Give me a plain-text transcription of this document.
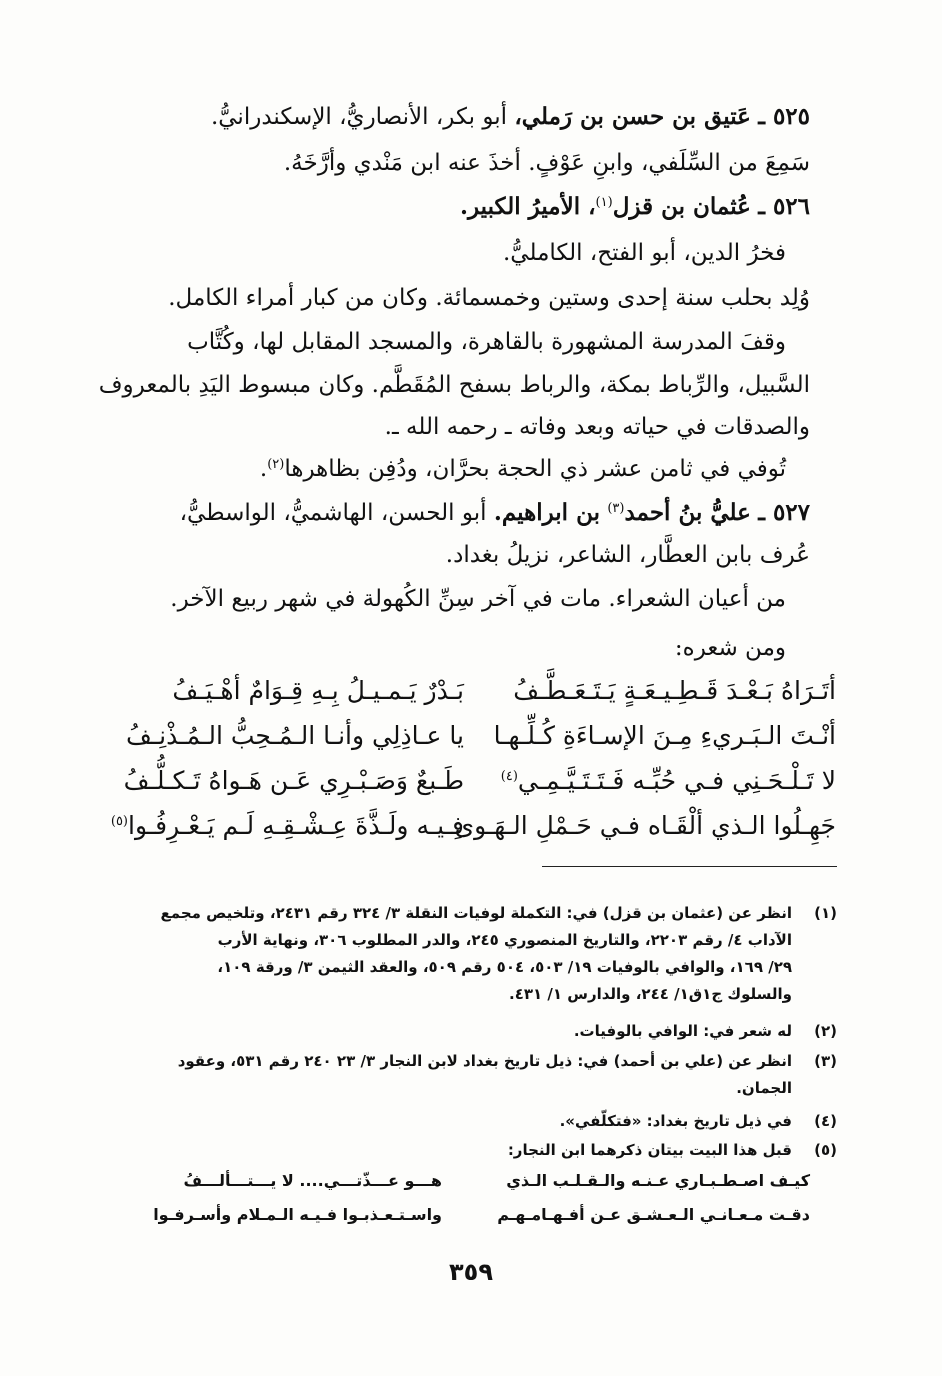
٥٢٥ ـ عَتيق بن حسن بن رَملي، أبو بكر، الأنصاريُّ، الإسكندرانيُّ.
سَمِعَ من السِّلَفي، وابنِ عَوْفٍ. أخذَ عنه ابن مَنْدي وأرَّخَهُ.
٥٢٦ ـ عُثمان بن قزل$^{(١)}$، الأميرُ الكبير.
فخرُ الدين، أبو الفتح، الكامليُّ.
وُلِد بحلب سنة إحدى وستين وخمسمائة. وكان من كبار أمراء الكامل.
وقفَ المدرسة المشهورة بالقاهرة، والمسجد المقابل لها، وكُتَّاب
السَّبيل، والرِّباط بمكة، والرباط بسفح المُقَطَّم. وكان مبسوط اليَدِ بالمعروف
والصدقات في حياته وبعد وفاته ـ رحمه الله ـ.
تُوفي في ثامن عشر ذي الحجة بحرَّان، ودُفِن بظاهرها$^{(٢)}$.
٥٢٧ ـ عليُّ بنُ أحمد$^{(٣)}$ بن ابراهيم. أبو الحسن، الهاشميُّ، الواسطيُّ،
عُرف بابن العطَّار، الشاعر، نزيلُ بغداد.
من أعيان الشعراء. مات في آخر سِنِّ الكُهولة في شهر ربيع الآخر.
ومن شعره:
أتَـرَاهُ بَـعْـدَ قَـطِـيـعَـةٍ يَـتَـعَـطَّـفُ
بَـدْرٌ يَـمـيـلُ بِـهِ قِـوَامٌ أهْـيَـفُ
أنْـتَ الـبَـريءِ مِـنَ الإسـاءَةِ كُـلِّـهـا
يا عـاذِلِي وأنـا الـمُـحِبُّ الـمُـذْنِـفُ
لا تَـلْـحَـنِي فـي حُبِّـه فَـتَـتَـيَّـمِـي$^{(٤)}$
طَـبعٌ وَصَـبْـرِي عَـن هَـواهُ تَـكـلُّـفُ
جَهِـلُوا الـذي ألْقَـاه فـي حَـمْلِ الـهَـوى
فِـيـه ولَـذَّةَ عِـشْـقِـهِ لَـم يَـعْـرِفُـوا$^{(٥)}$
(١)
انظر عن (عثمان بن قزل) في: التكملة لوفيات النقلة ٣/ ٣٢٤ رقم ٢٤٣١، وتلخيص مجمع
الآداب ٤/ رقم ٢٢٠٣، والتاريخ المنصوري ٢٤٥، والدر المطلوب ٣٠٦، ونهاية الأرب
٢٩/ ١٦٩، والوافي بالوفيات ١٩/ ٥٠٣، ٥٠٤ رقم ٥٠٩، والعقد الثيمن ٣/ ورقة ١٠٩،
والسلوك ج١ق١/ ٢٤٤، والدارس ١/ ٤٣١.
(٢)
له شعر في: الوافي بالوفيات.
(٣)
انظر عن (علي بن أحمد) في: ذيل تاريخ بغداد لابن النجار ٣/ ٢٣ ٢٤٠ رقم ٥٣١، وعقود
الجمان.
(٤)
في ذيل تاريخ بغداد: «فتكلّفي».
(٥)
قبل هذا البيت بيتان ذكرهما ابن النجار:
كيـف اصـطـبـاري عـنـه والـقـلـب الـذي
هـــو عـــذّتـــي.... لا يـــتـــألـــفُ
دقـت مـعـانـي الـعـشـق عـن أفـهـامـهـم
واسـتـعـذبـوا فـيـه الـمـلام وأسـرفـوا
٣٥٩
